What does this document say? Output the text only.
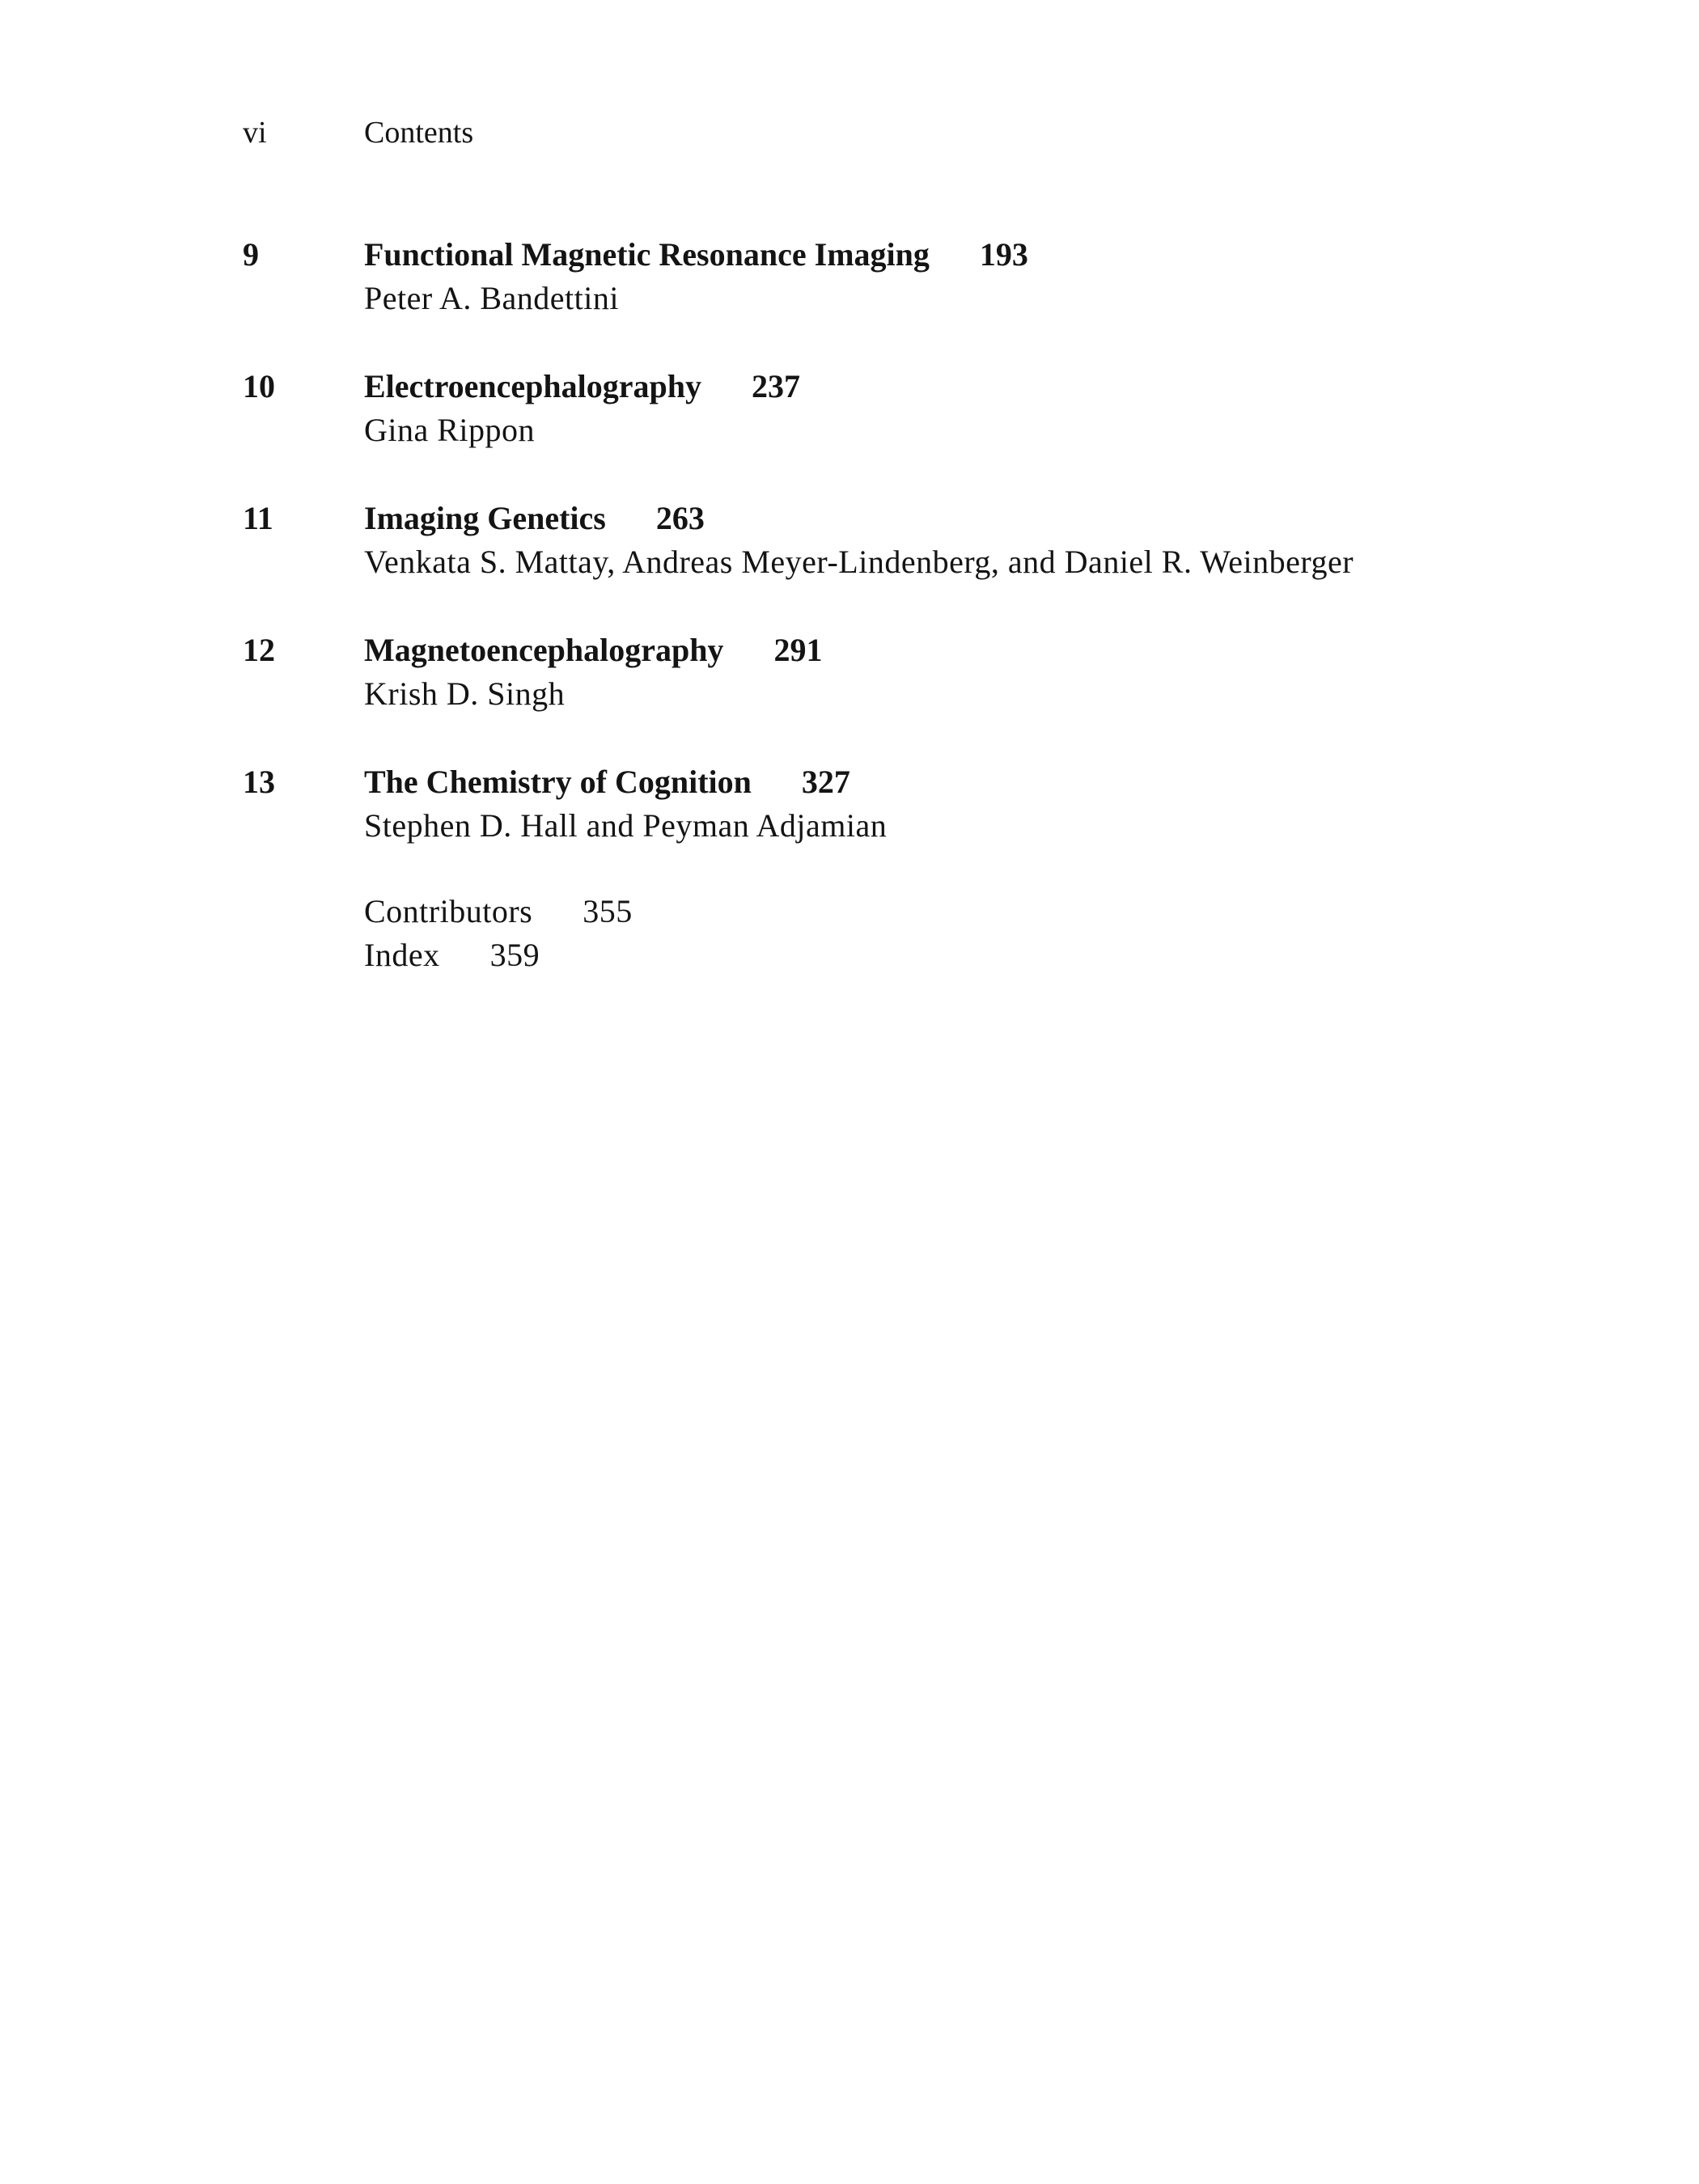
vi	Contents
9	Functional Magnetic Resonance Imaging 193
Peter A. Bandettini
10	Electroencephalography 237
Gina Rippon
11	Imaging Genetics 263
Venkata S. Mattay, Andreas Meyer-Lindenberg, and Daniel R. Weinberger
12	Magnetoencephalography 291
Krish D. Singh
13	The Chemistry of Cognition 327
Stephen D. Hall and Peyman Adjamian
Contributors 355
Index 359
